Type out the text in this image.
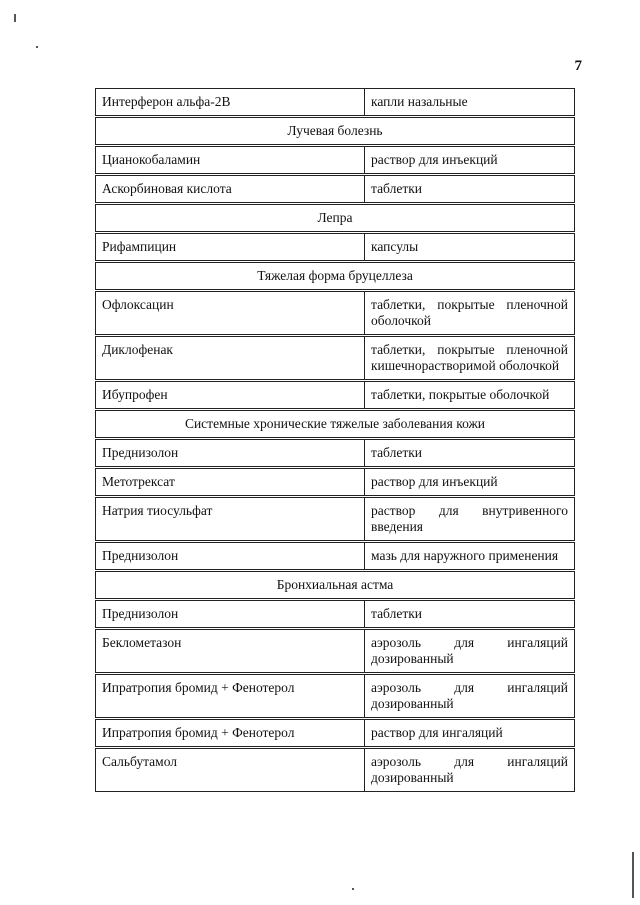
7
Интерферон альфа-2В	капли назальные
Лучевая болезнь
Цианокобаламин	раствор для инъекций
Аскорбиновая кислота	таблетки
Лепра
Рифампицин	капсулы
Тяжелая форма бруцеллеза
Офлоксацин	таблетки, покрытые пленочной оболочкой
Диклофенак	таблетки, покрытые пленочной кишечнорастворимой оболочкой
Ибупрофен	таблетки, покрытые оболочкой
Системные хронические тяжелые заболевания кожи
Преднизолон	таблетки
Метотрексат	раствор для инъекций
Натрия тиосульфат	раствор для внутривенного введения
Преднизолон	мазь для наружного применения
Бронхиальная астма
Преднизолон	таблетки
Беклометазон	аэрозоль для ингаляций дозированный
Ипратропия бромид + Фенотерол	аэрозоль для ингаляций дозированный
Ипратропия бромид + Фенотерол	раствор для ингаляций
Сальбутамол	аэрозоль для ингаляций дозированный
